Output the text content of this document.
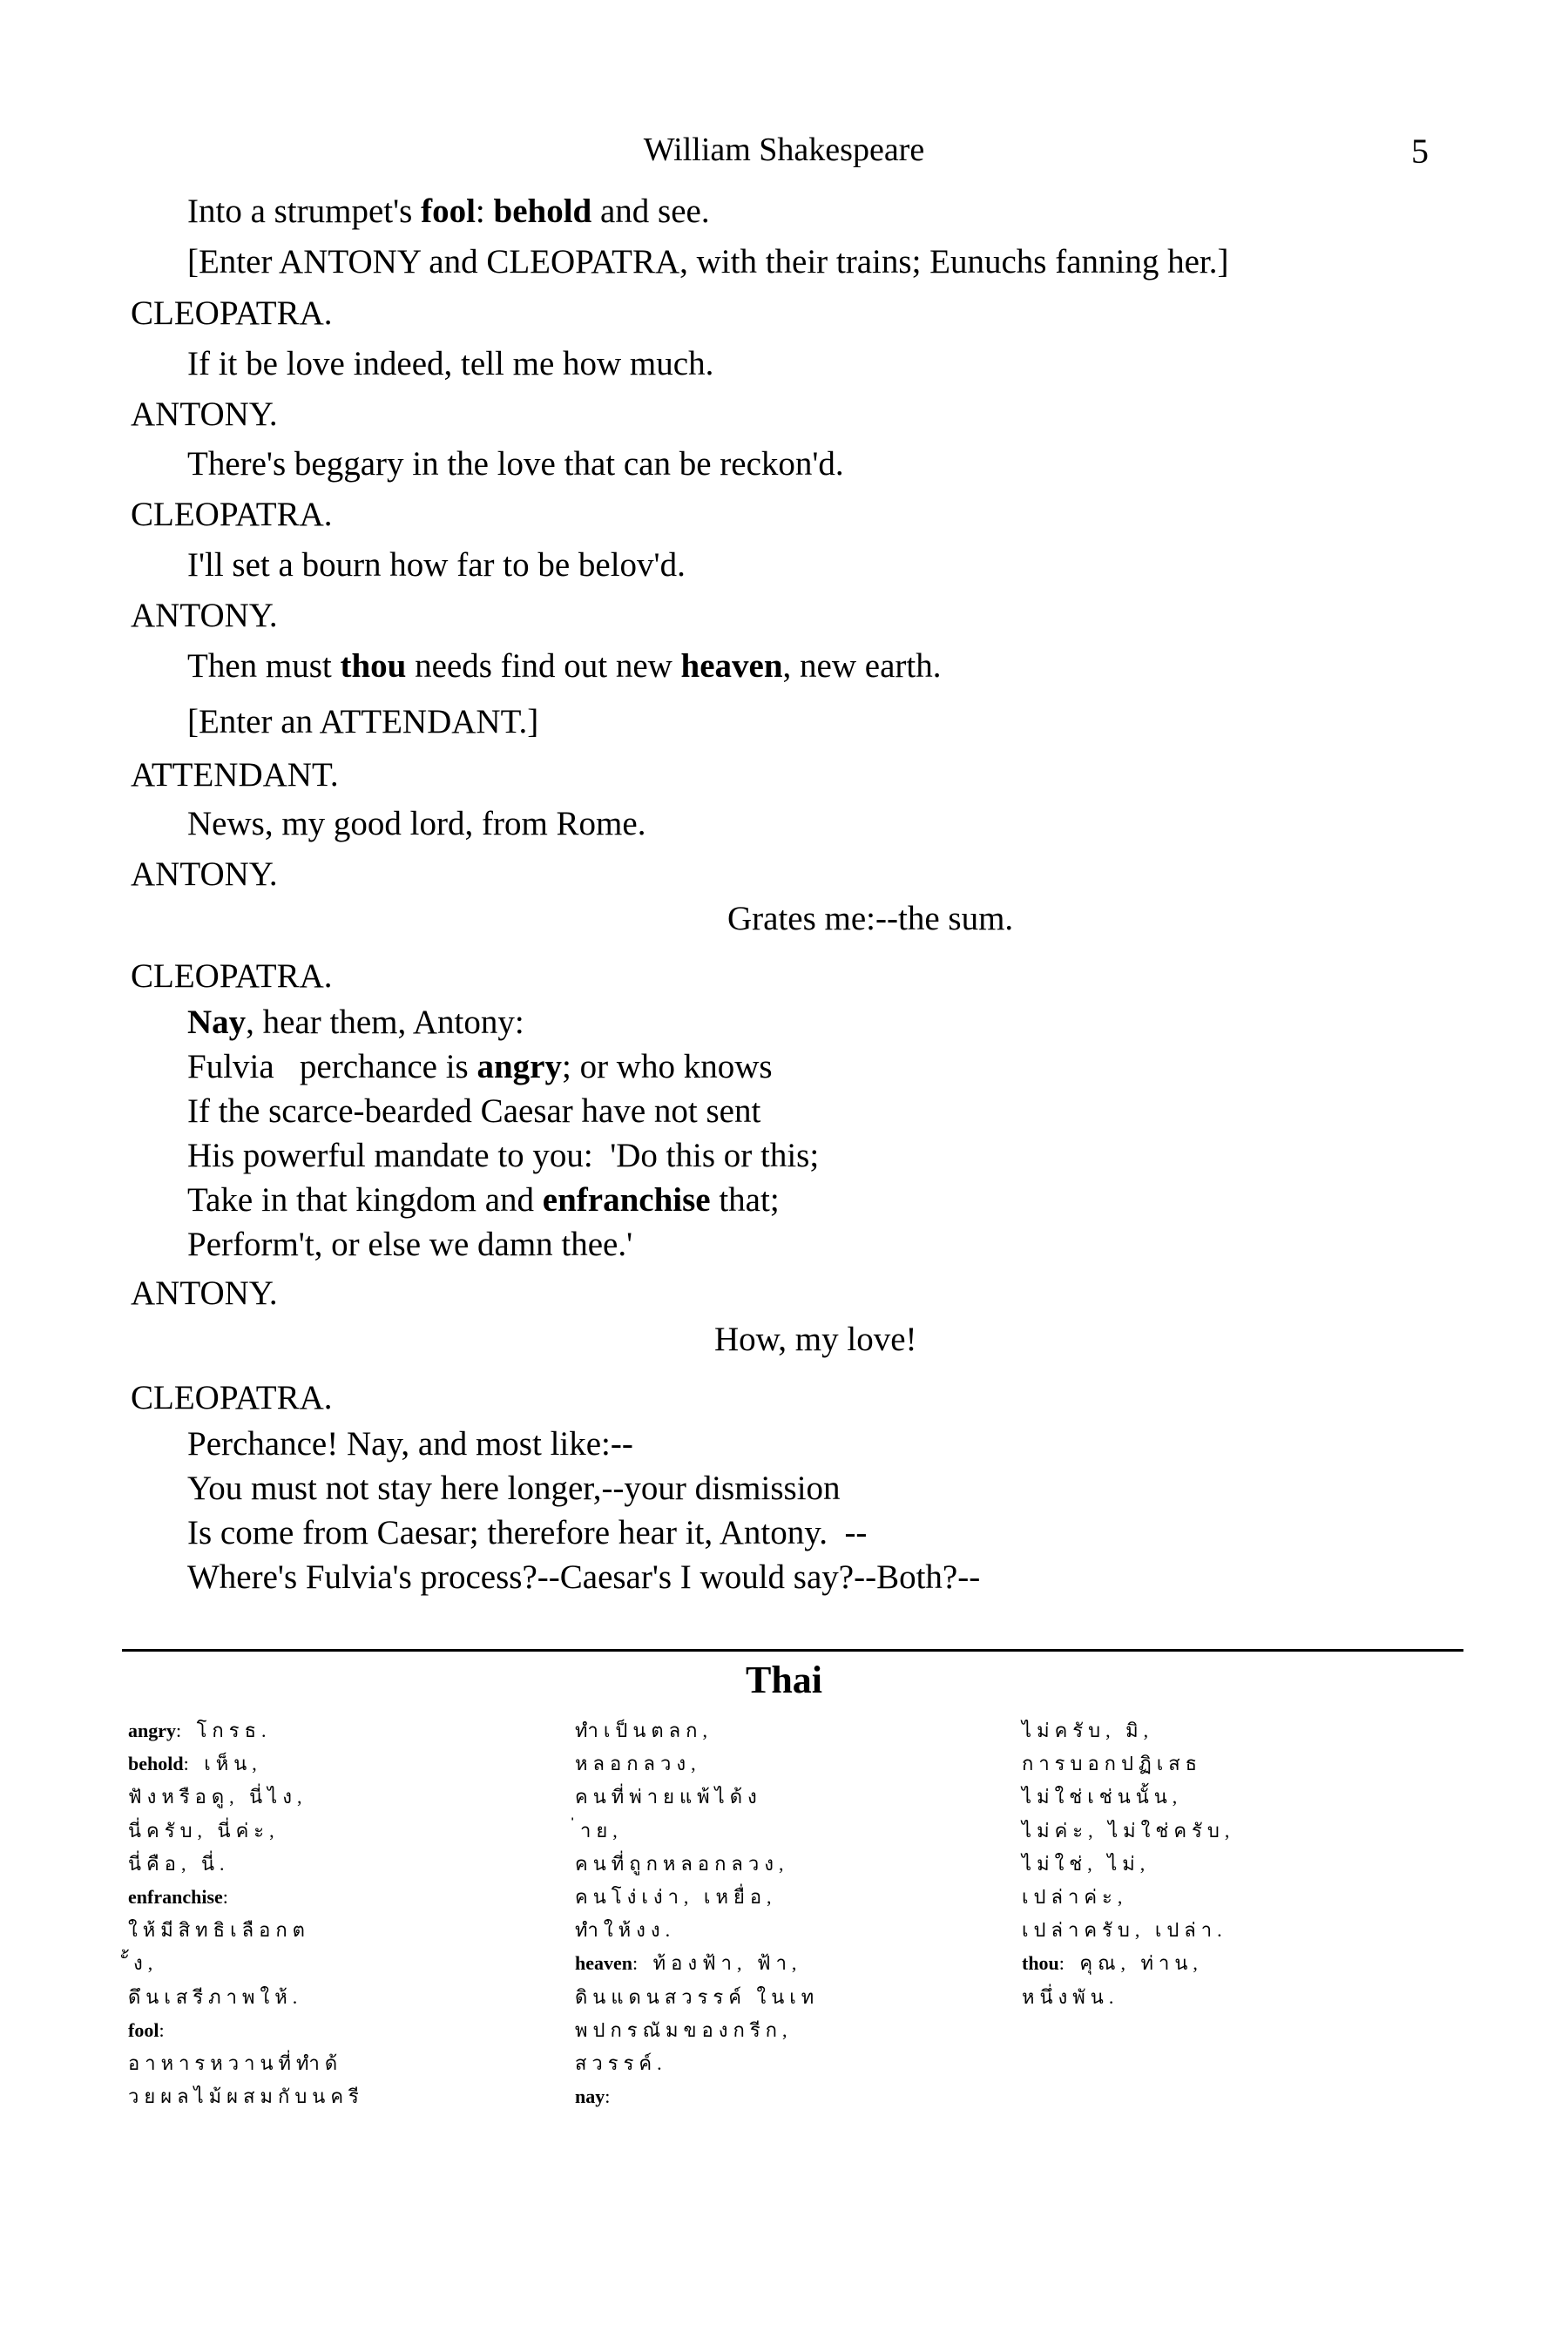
William Shakespeare	5
Into a strumpet's fool: behold and see.
[Enter ANTONY and CLEOPATRA, with their trains; Eunuchs fanning her.]
CLEOPATRA.
If it be love indeed, tell me how much.
ANTONY.
There's beggary in the love that can be reckon'd.
CLEOPATRA.
I'll set a bourn how far to be belov'd.
ANTONY.
Then must thou needs find out new heaven, new earth.
[Enter an ATTENDANT.]
ATTENDANT.
News, my good lord, from Rome.
ANTONY.
Grates me:--the sum.
CLEOPATRA.
Nay, hear them, Antony:
Fulvia   perchance is angry; or who knows
If the scarce-bearded Caesar have not sent
His powerful mandate to you:  'Do this or this;
Take in that kingdom and enfranchise that;
Perform't, or else we damn thee.'
ANTONY.
How, my love!
CLEOPATRA.
Perchance! Nay, and most like:--
You must not stay here longer,--your dismission
Is come from Caesar; therefore hear it, Antony.  --
Where's Fulvia's process?--Caesar's I would say?--Both?--
Thai
angry: โกรธ.
behold: เห็น,
ฟังหรือดู, นี่ไง,
นี่ครับ, นี่ค่ะ,
นี่คือ, นี่.
enfranchise:
ให้มีสิทธิเลือกต
ั้ง,
ดึนเสรีภาพให้.
fool:
อาหารหวานที่ทำด้
วยผลไม้ผสมกับนครี
ทำเป็นตลก,
หลอกลวง,
คนที่พ่ายแพ้ได้ง
่าย,
คนที่ถูกหลอกลวง,
คนโง่เง่า, เหยื่อ,
ทำให้งง.
heaven: ท้องฟ้า, ฟ้า,
ดินแดนสวรรค์ ในเท
พปกรณัมของกรีก,
สวรรค์.
nay:
ไม่ครับ, มิ,
การบอกปฏิเสธ
ไม่ใช่เช่นนั้น,
ไม่ค่ะ, ไม่ใช่ครับ,
ไม่ใช่, ไม่,
เปล่าค่ะ,
เปล่าครับ, เปล่า.
thou: คุณ, ท่าน,
หนึ่งพัน.
